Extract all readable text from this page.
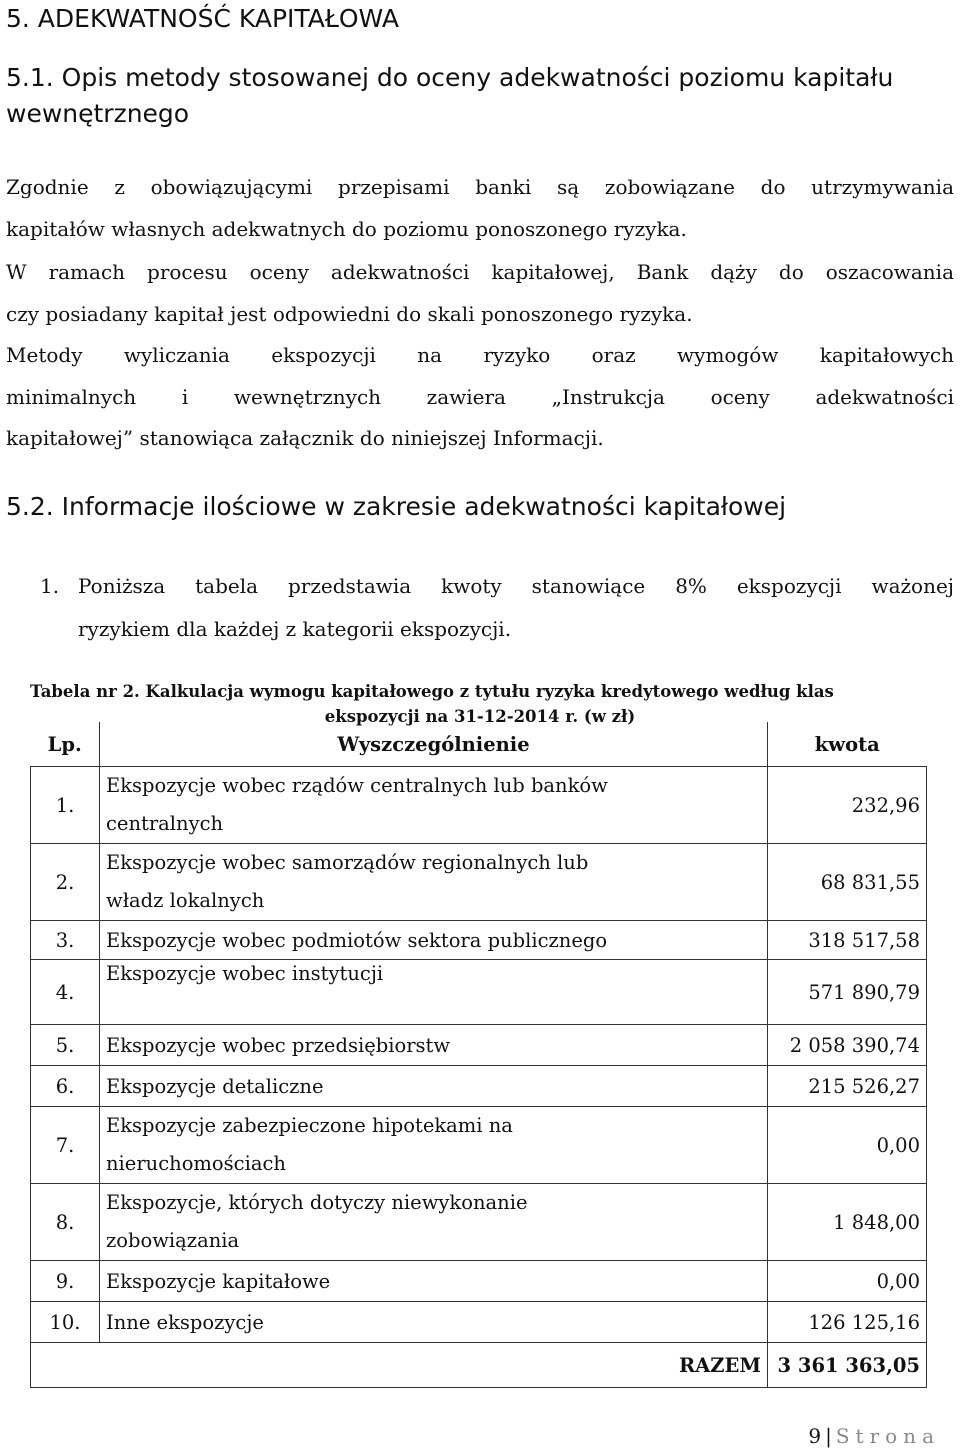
5. ADEKWATNOŚĆ KAPITAŁOWA
5.1. Opis metody stosowanej do oceny adekwatności poziomu kapitału wewnętrznego
Zgodnie z obowiązującymi przepisami banki są zobowiązane do utrzymywania
kapitałów własnych adekwatnych do poziomu ponoszonego ryzyka.
W ramach procesu oceny adekwatności kapitałowej, Bank dąży do oszacowania
czy posiadany kapitał jest odpowiedni do skali ponoszonego ryzyka.
Metody wyliczania ekspozycji na ryzyko oraz wymogów kapitałowych
minimalnych i wewnętrznych zawiera „Instrukcja oceny adekwatności
kapitałowej” stanowiąca załącznik do niniejszej Informacji.
5.2. Informacje ilościowe w zakresie adekwatności kapitałowej
1. Poniższa tabela przedstawia kwoty stanowiące 8% ekspozycji ważonej
ryzykiem dla każdej z kategorii ekspozycji.
Tabela nr 2. Kalkulacja wymogu kapitałowego z tytułu ryzyka kredytowego według klas
ekspozycji na 31-12-2014 r. (w zł)
Lp.	Wyszczególnienie	kwota
1.	Ekspozycje wobec rządów centralnych lub banków
centralnych	232,96
2.	Ekspozycje wobec samorządów regionalnych lub
władz lokalnych	68 831,55
3.	Ekspozycje wobec podmiotów sektora publicznego	318 517,58
4.	Ekspozycje wobec instytucji	571 890,79
5.	Ekspozycje wobec przedsiębiorstw	2 058 390,74
6.	Ekspozycje detaliczne	215 526,27
7.	Ekspozycje zabezpieczone hipotekami na
nieruchomościach	0,00
8.	Ekspozycje, których dotyczy niewykonanie
zobowiązania	1 848,00
9.	Ekspozycje kapitałowe	0,00
10.	Inne ekspozycje	126 125,16
RAZEM		3 361 363,05
9 | Strona
